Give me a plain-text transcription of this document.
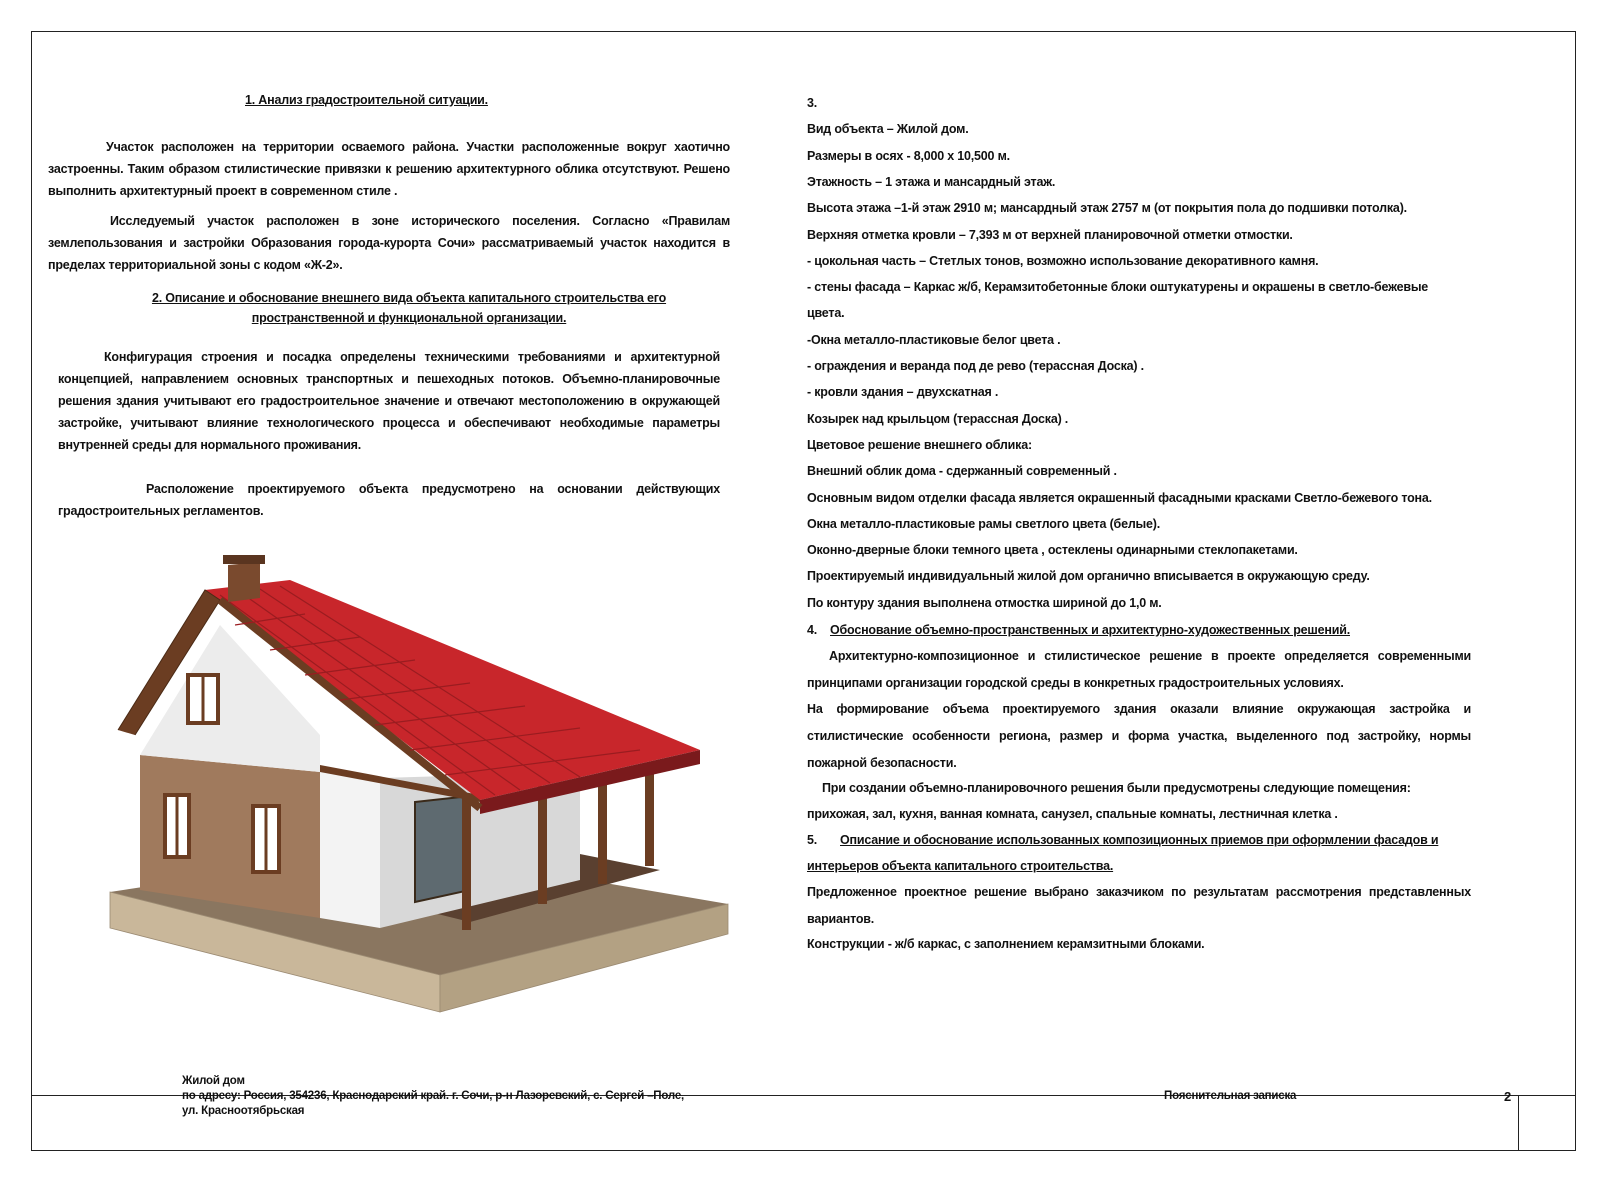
1. Анализ градостроительной ситуации.
Участок расположен на территории осваемого района. Участки расположенные вокруг хаотично застроенны. Таким образом стилистические привязки к решению архитектурного облика отсутствуют. Решено выполнить архитектурный проект в современном стиле .
Исследуемый участок расположен в зоне исторического поселения. Согласно «Правилам землепользования и застройки Образования города-курорта Сочи» рассматриваемый участок находится в пределах территориальной зоны с кодом «Ж-2».
2. Описание и обоснование внешнего вида объекта капитального строительства его
пространственной и функциональной организации.
Конфигурация строения и посадка определены техническими требованиями и архитектурной концепцией, направлением основных транспортных и пешеходных потоков. Объемно-планировочные решения здания учитывают его градостроительное значение и отвечают местоположению в окружающей застройке, учитывают влияние технологического процесса и обеспечивают необходимые параметры внутренней среды для нормального проживания.
Расположение проектируемого объекта предусмотрено на основании действующих градостроительных регламентов.
3.
Вид объекта – Жилой дом.
Размеры в осях - 8,000 x 10,500 м.
Этажность – 1 этажа и мансардный этаж.
Высота этажа –1-й этаж 2910 м; мансардный этаж 2757 м (от покрытия пола до подшивки потолка).
Верхняя отметка кровли – 7,393 м от верхней планировочной отметки отмостки.
- цокольная часть – Стетлых тонов, возможно использование декоративного камня.
- стены фасада – Каркас ж/б, Керамзитобетонные блоки оштукатурены и окрашены в светло-бежевые
цвета.
-Окна металло-пластиковые белог цвета .
- ограждения и веранда под де рево (терассная Доска) .
- кровли здания – двухскатная .
Козырек над крыльцом (терассная Доска) .
Цветовое решение внешнего облика:
Внешний облик дома - сдержанный современный .
Основным видом отделки фасада является окрашенный фасадными красками Светло-бежевого тона.
Окна металло-пластиковые рамы светлого цвета (белые).
Оконно-дверные блоки темного цвета , остеклены одинарными стеклопакетами.
Проектируемый индивидуальный жилой дом органично вписывается в окружающую среду.
По контуру здания выполнена отмостка шириной до 1,0 м.
4. Обоснование объемно-пространственных и архитектурно-художественных решений.
Архитектурно-композиционное и стилистическое решение в проекте определяется современными принципами организации городской среды в конкретных градостроительных условиях.
На формирование объема проектируемого здания оказали влияние окружающая застройка и стилистические особенности региона, размер и форма участка, выделенного под застройку, нормы пожарной безопасности.
При создании объемно-планировочного решения были предусмотрены следующие помещения:
прихожая, зал, кухня, ванная комната, санузел, спальные комнаты, лестничная клетка .
5. Описание и обоснование использованных композиционных приемов при оформлении фасадов и
интерьеров объекта капитального строительства.
Предложенное проектное решение выбрано заказчиком по результатам рассмотрения представленных вариантов.
Конструкции - ж/б каркас, с заполнением керамзитными блоками.
Жилой дом
по адресу: Россия, 354236, Краснодарский край. г. Сочи, р-н Лазоревский, с. Сергей –Поле,
ул. Красноотябрьская
Пояснительная записка	2
